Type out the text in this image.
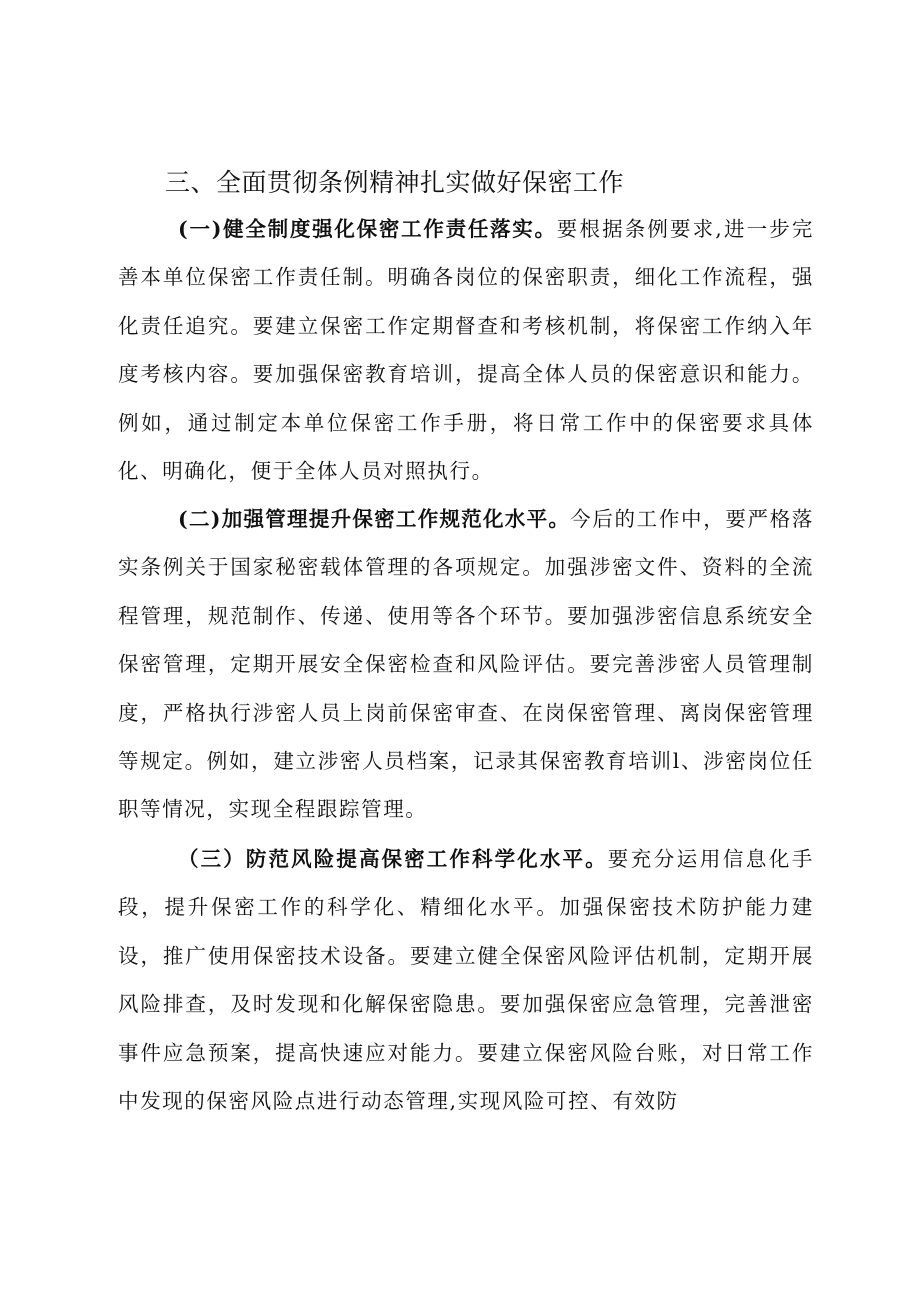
三、全面贯彻条例精神扎实做好保密工作

(一)健全制度强化保密工作责任落实。要根据条例要求,进一步完善本单位保密工作责任制。明确各岗位的保密职责，细化工作流程，强化责任追究。要建立保密工作定期督查和考核机制，将保密工作纳入年度考核内容。要加强保密教育培训，提高全体人员的保密意识和能力。例如，通过制定本单位保密工作手册，将日常工作中的保密要求具体化、明确化，便于全体人员对照执行。

(二)加强管理提升保密工作规范化水平。今后的工作中，要严格落实条例关于国家秘密载体管理的各项规定。加强涉密文件、资料的全流程管理，规范制作、传递、使用等各个环节。要加强涉密信息系统安全保密管理，定期开展安全保密检查和风险评估。要完善涉密人员管理制度，严格执行涉密人员上岗前保密审查、在岗保密管理、离岗保密管理等规定。例如，建立涉密人员档案，记录其保密教育培训l、涉密岗位任职等情况，实现全程跟踪管理。

（三）防范风险提高保密工作科学化水平。要充分运用信息化手段，提升保密工作的科学化、精细化水平。加强保密技术防护能力建设，推广使用保密技术设备。要建立健全保密风险评估机制，定期开展风险排查，及时发现和化解保密隐患。要加强保密应急管理，完善泄密事件应急预案，提高快速应对能力。要建立保密风险台账，对日常工作中发现的保密风险点进行动态管理,实现风险可控、有效防
